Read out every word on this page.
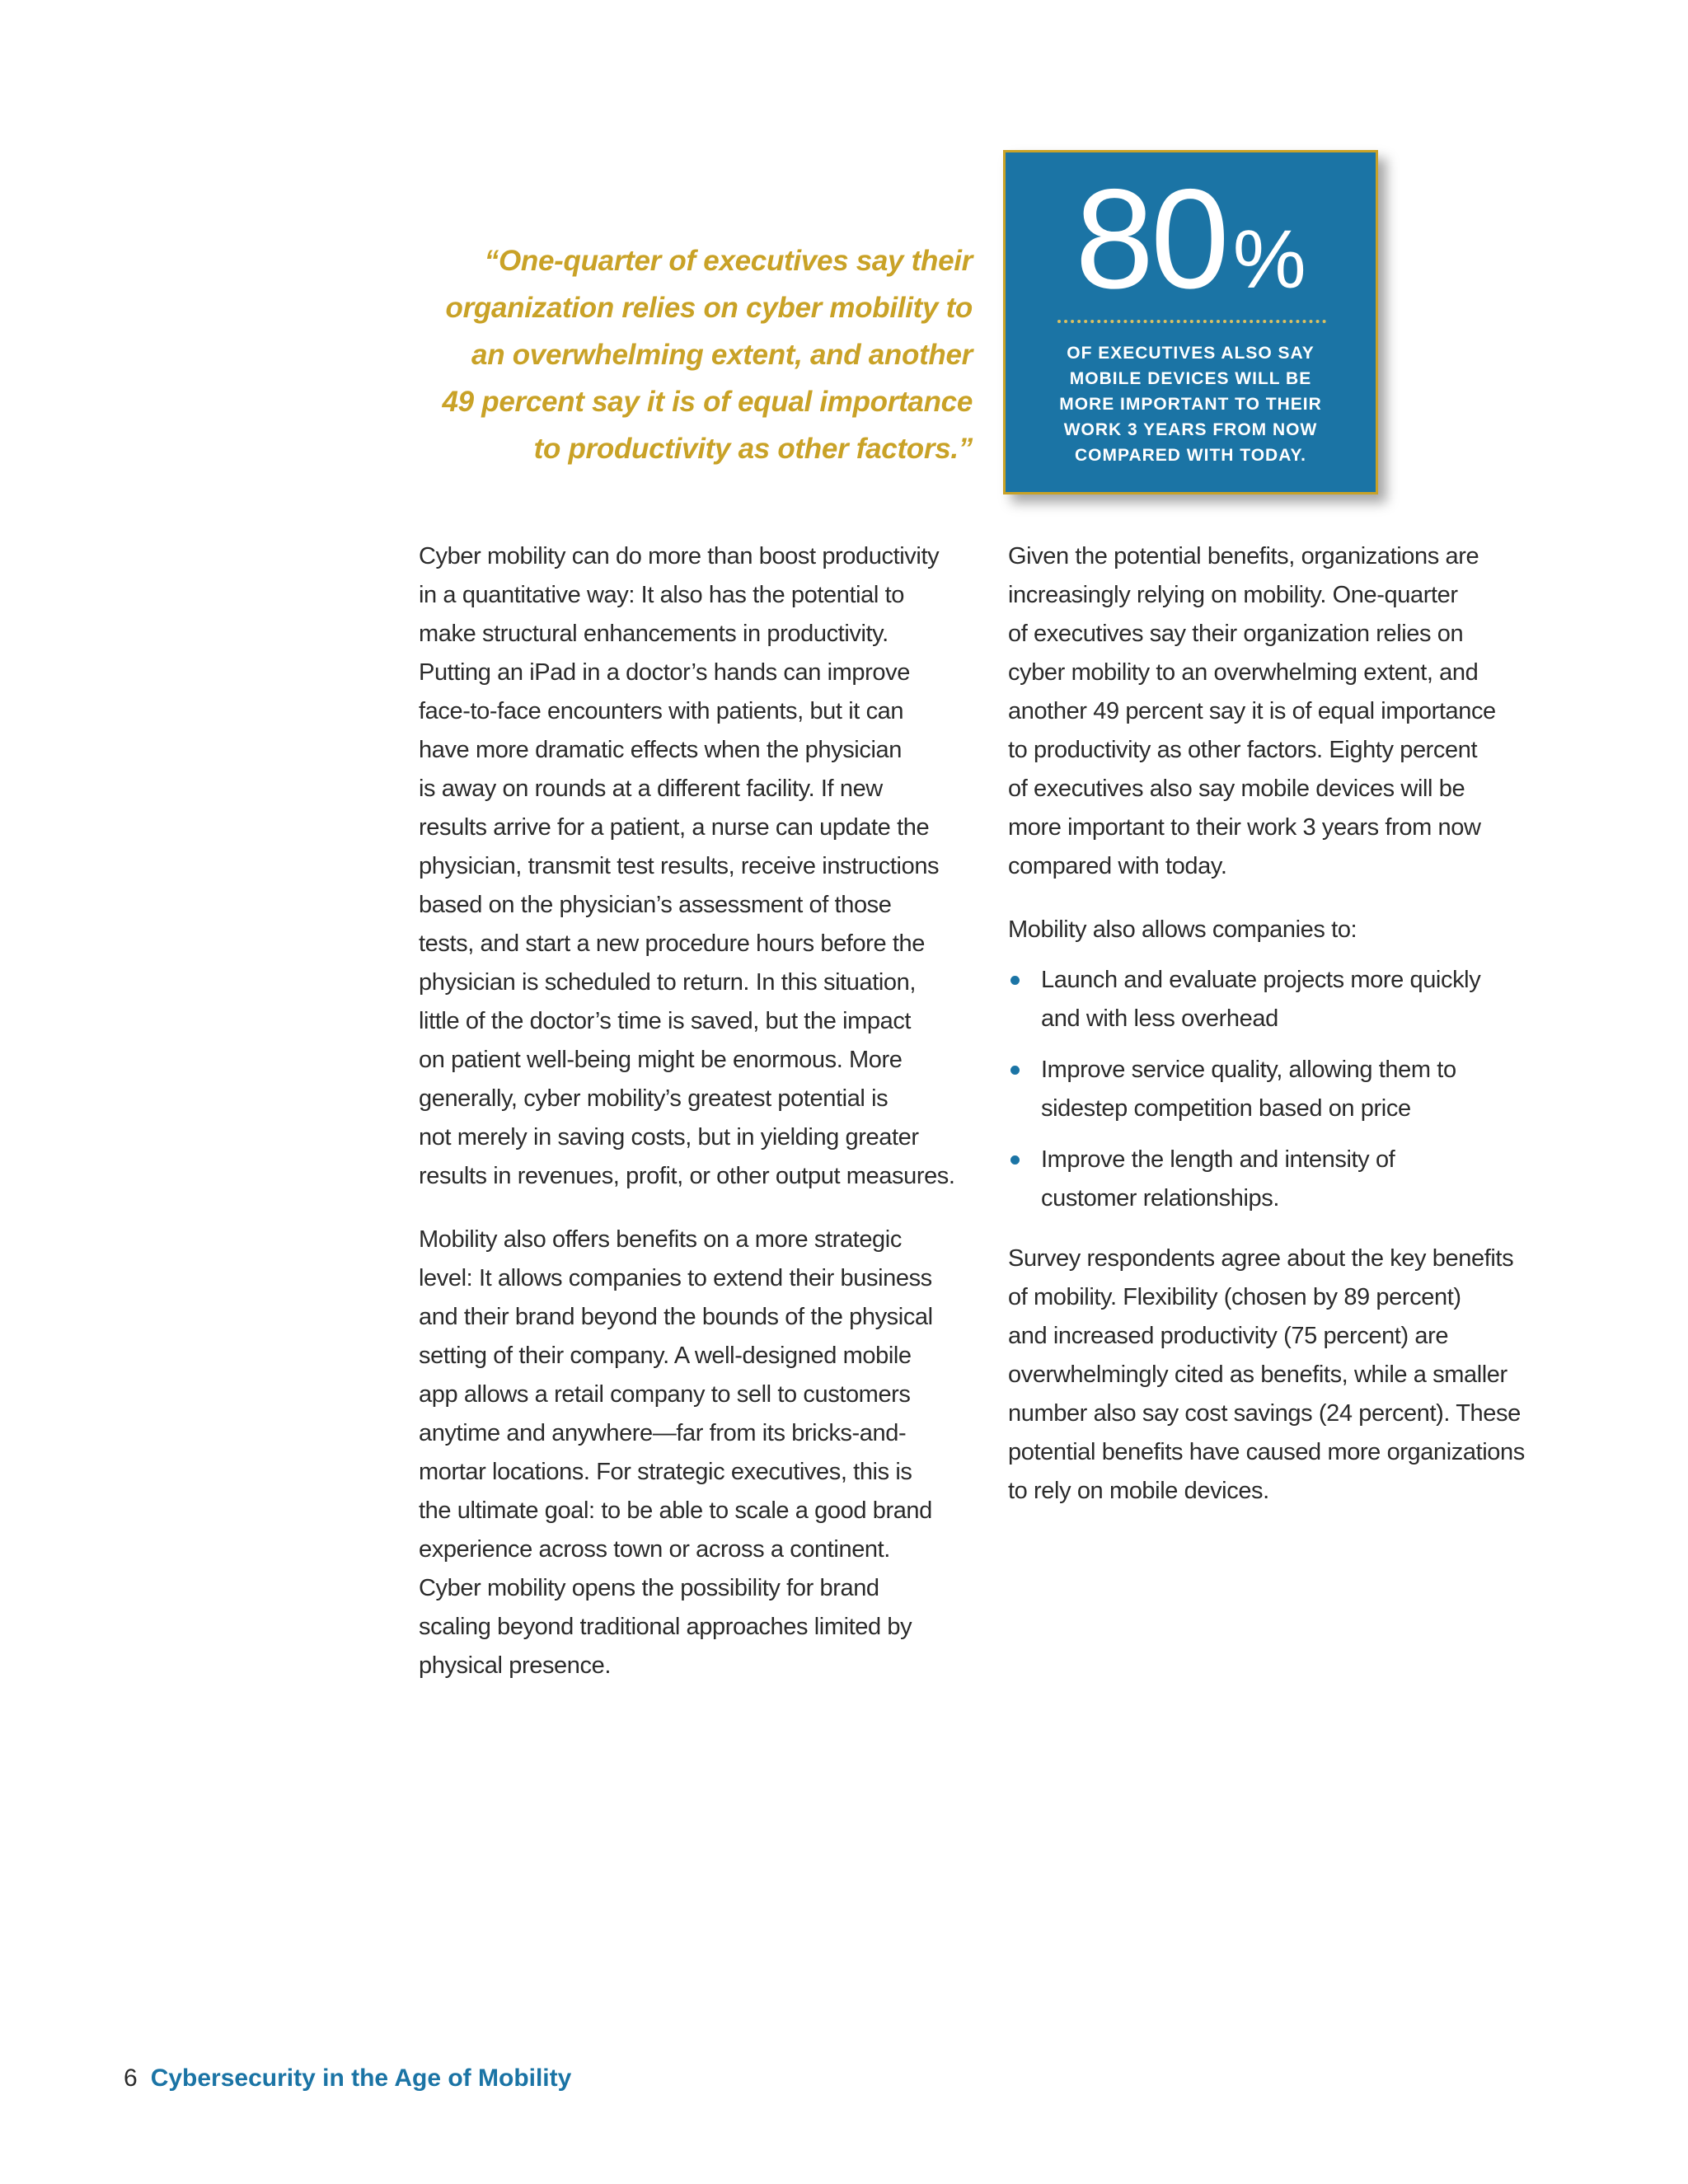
“One-quarter of executives say their
organization relies on cyber mobility to
an overwhelming extent, and another
49 percent say it is of equal importance
to productivity as other factors.”
80%
OF EXECUTIVES ALSO SAY
MOBILE DEVICES WILL BE
MORE IMPORTANT TO THEIR
WORK 3 YEARS FROM NOW
COMPARED WITH TODAY.

Cyber mobility can do more than boost productivity
in a quantitative way: It also has the potential to
make structural enhancements in productivity.
Putting an iPad in a doctor’s hands can improve
face-to-face encounters with patients, but it can
have more dramatic effects when the physician
is away on rounds at a different facility. If new
results arrive for a patient, a nurse can update the
physician, transmit test results, receive instructions
based on the physician’s assessment of those
tests, and start a new procedure hours before the
physician is scheduled to return. In this situation,
little of the doctor’s time is saved, but the impact
on patient well-being might be enormous. More
generally, cyber mobility’s greatest potential is
not merely in saving costs, but in yielding greater
results in revenues, profit, or other output measures.

Mobility also offers benefits on a more strategic
level: It allows companies to extend their business
and their brand beyond the bounds of the physical
setting of their company. A well-designed mobile
app allows a retail company to sell to customers
anytime and anywhere—far from its bricks-and-
mortar locations. For strategic executives, this is
the ultimate goal: to be able to scale a good brand
experience across town or across a continent.
Cyber mobility opens the possibility for brand
scaling beyond traditional approaches limited by
physical presence.

Given the potential benefits, organizations are
increasingly relying on mobility. One-quarter
of executives say their organization relies on
cyber mobility to an overwhelming extent, and
another 49 percent say it is of equal importance
to productivity as other factors. Eighty percent
of executives also say mobile devices will be
more important to their work 3 years from now
compared with today.

Mobility also allows companies to:

Launch and evaluate projects more quickly
and with less overhead
Improve service quality, allowing them to
sidestep competition based on price
Improve the length and intensity of
customer relationships.

Survey respondents agree about the key benefits
of mobility. Flexibility (chosen by 89 percent)
and increased productivity (75 percent) are
overwhelmingly cited as benefits, while a smaller
number also say cost savings (24 percent). These
potential benefits have caused more organizations
to rely on mobile devices.

6 Cybersecurity in the Age of Mobility
